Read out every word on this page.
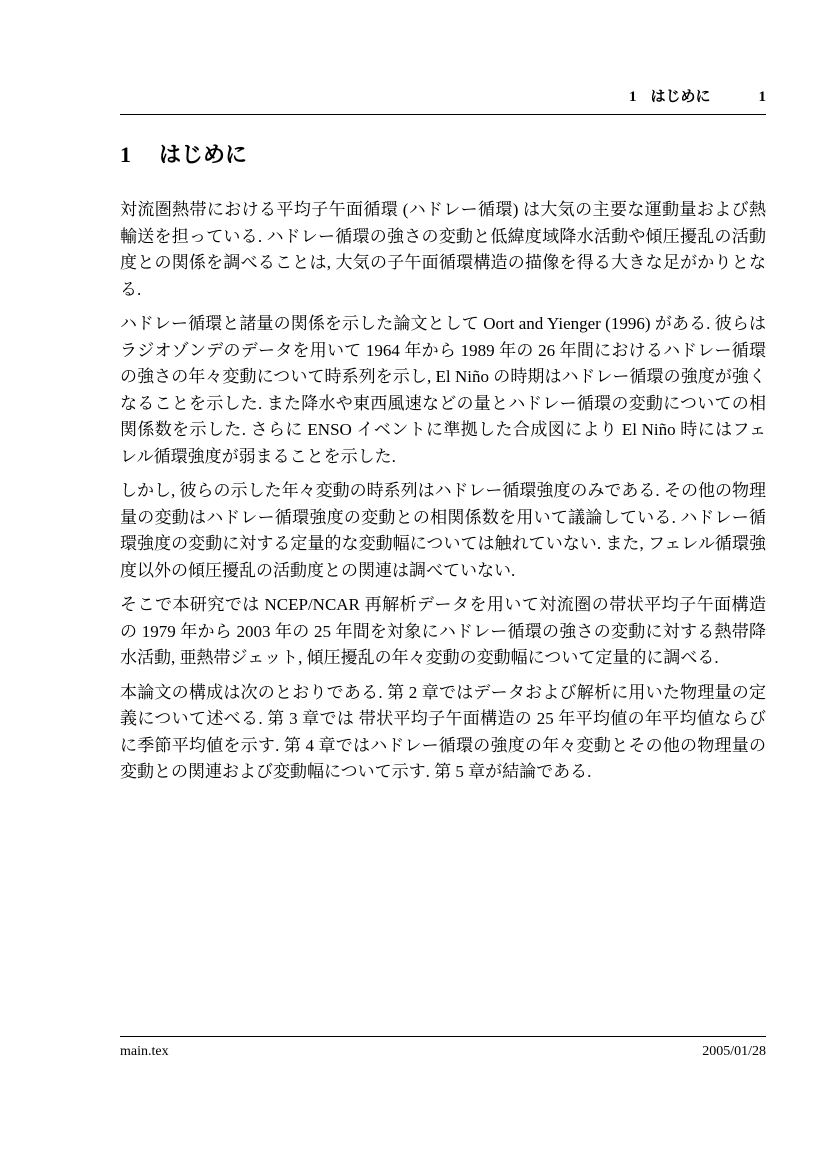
1 はじめに	1
1 はじめに

対流圏熱帯における平均子午面循環 (ハドレー循環) は大気の主要な運動量および熱輸送を担っている. ハドレー循環の強さの変動と低緯度域降水活動や傾圧擾乱の活動度との関係を調べることは, 大気の子午面循環構造の描像を得る大きな足がかりとなる.

ハドレー循環と諸量の関係を示した論文として Oort and Yienger (1996) がある. 彼らはラジオゾンデのデータを用いて 1964 年から 1989 年の 26 年間におけるハドレー循環の強さの年々変動について時系列を示し, El Niño の時期はハドレー循環の強度が強くなることを示した. また降水や東西風速などの量とハドレー循環の変動についての相関係数を示した. さらに ENSO イベントに準拠した合成図により El Niño 時にはフェレル循環強度が弱まることを示した.

しかし, 彼らの示した年々変動の時系列はハドレー循環強度のみである. その他の物理量の変動はハドレー循環強度の変動との相関係数を用いて議論している. ハドレー循環強度の変動に対する定量的な変動幅については触れていない. また, フェレル循環強度以外の傾圧擾乱の活動度との関連は調べていない.

そこで本研究では NCEP/NCAR 再解析データを用いて対流圏の帯状平均子午面構造の 1979 年から 2003 年の 25 年間を対象にハドレー循環の強さの変動に対する熱帯降水活動, 亜熱帯ジェット, 傾圧擾乱の年々変動の変動幅について定量的に調べる.

本論文の構成は次のとおりである. 第 2 章ではデータおよび解析に用いた物理量の定義について述べる. 第 3 章では 帯状平均子午面構造の 25 年平均値の年平均値ならびに季節平均値を示す. 第 4 章ではハドレー循環の強度の年々変動とその他の物理量の変動との関連および変動幅について示す. 第 5 章が結論である.

main.tex	2005/01/28
